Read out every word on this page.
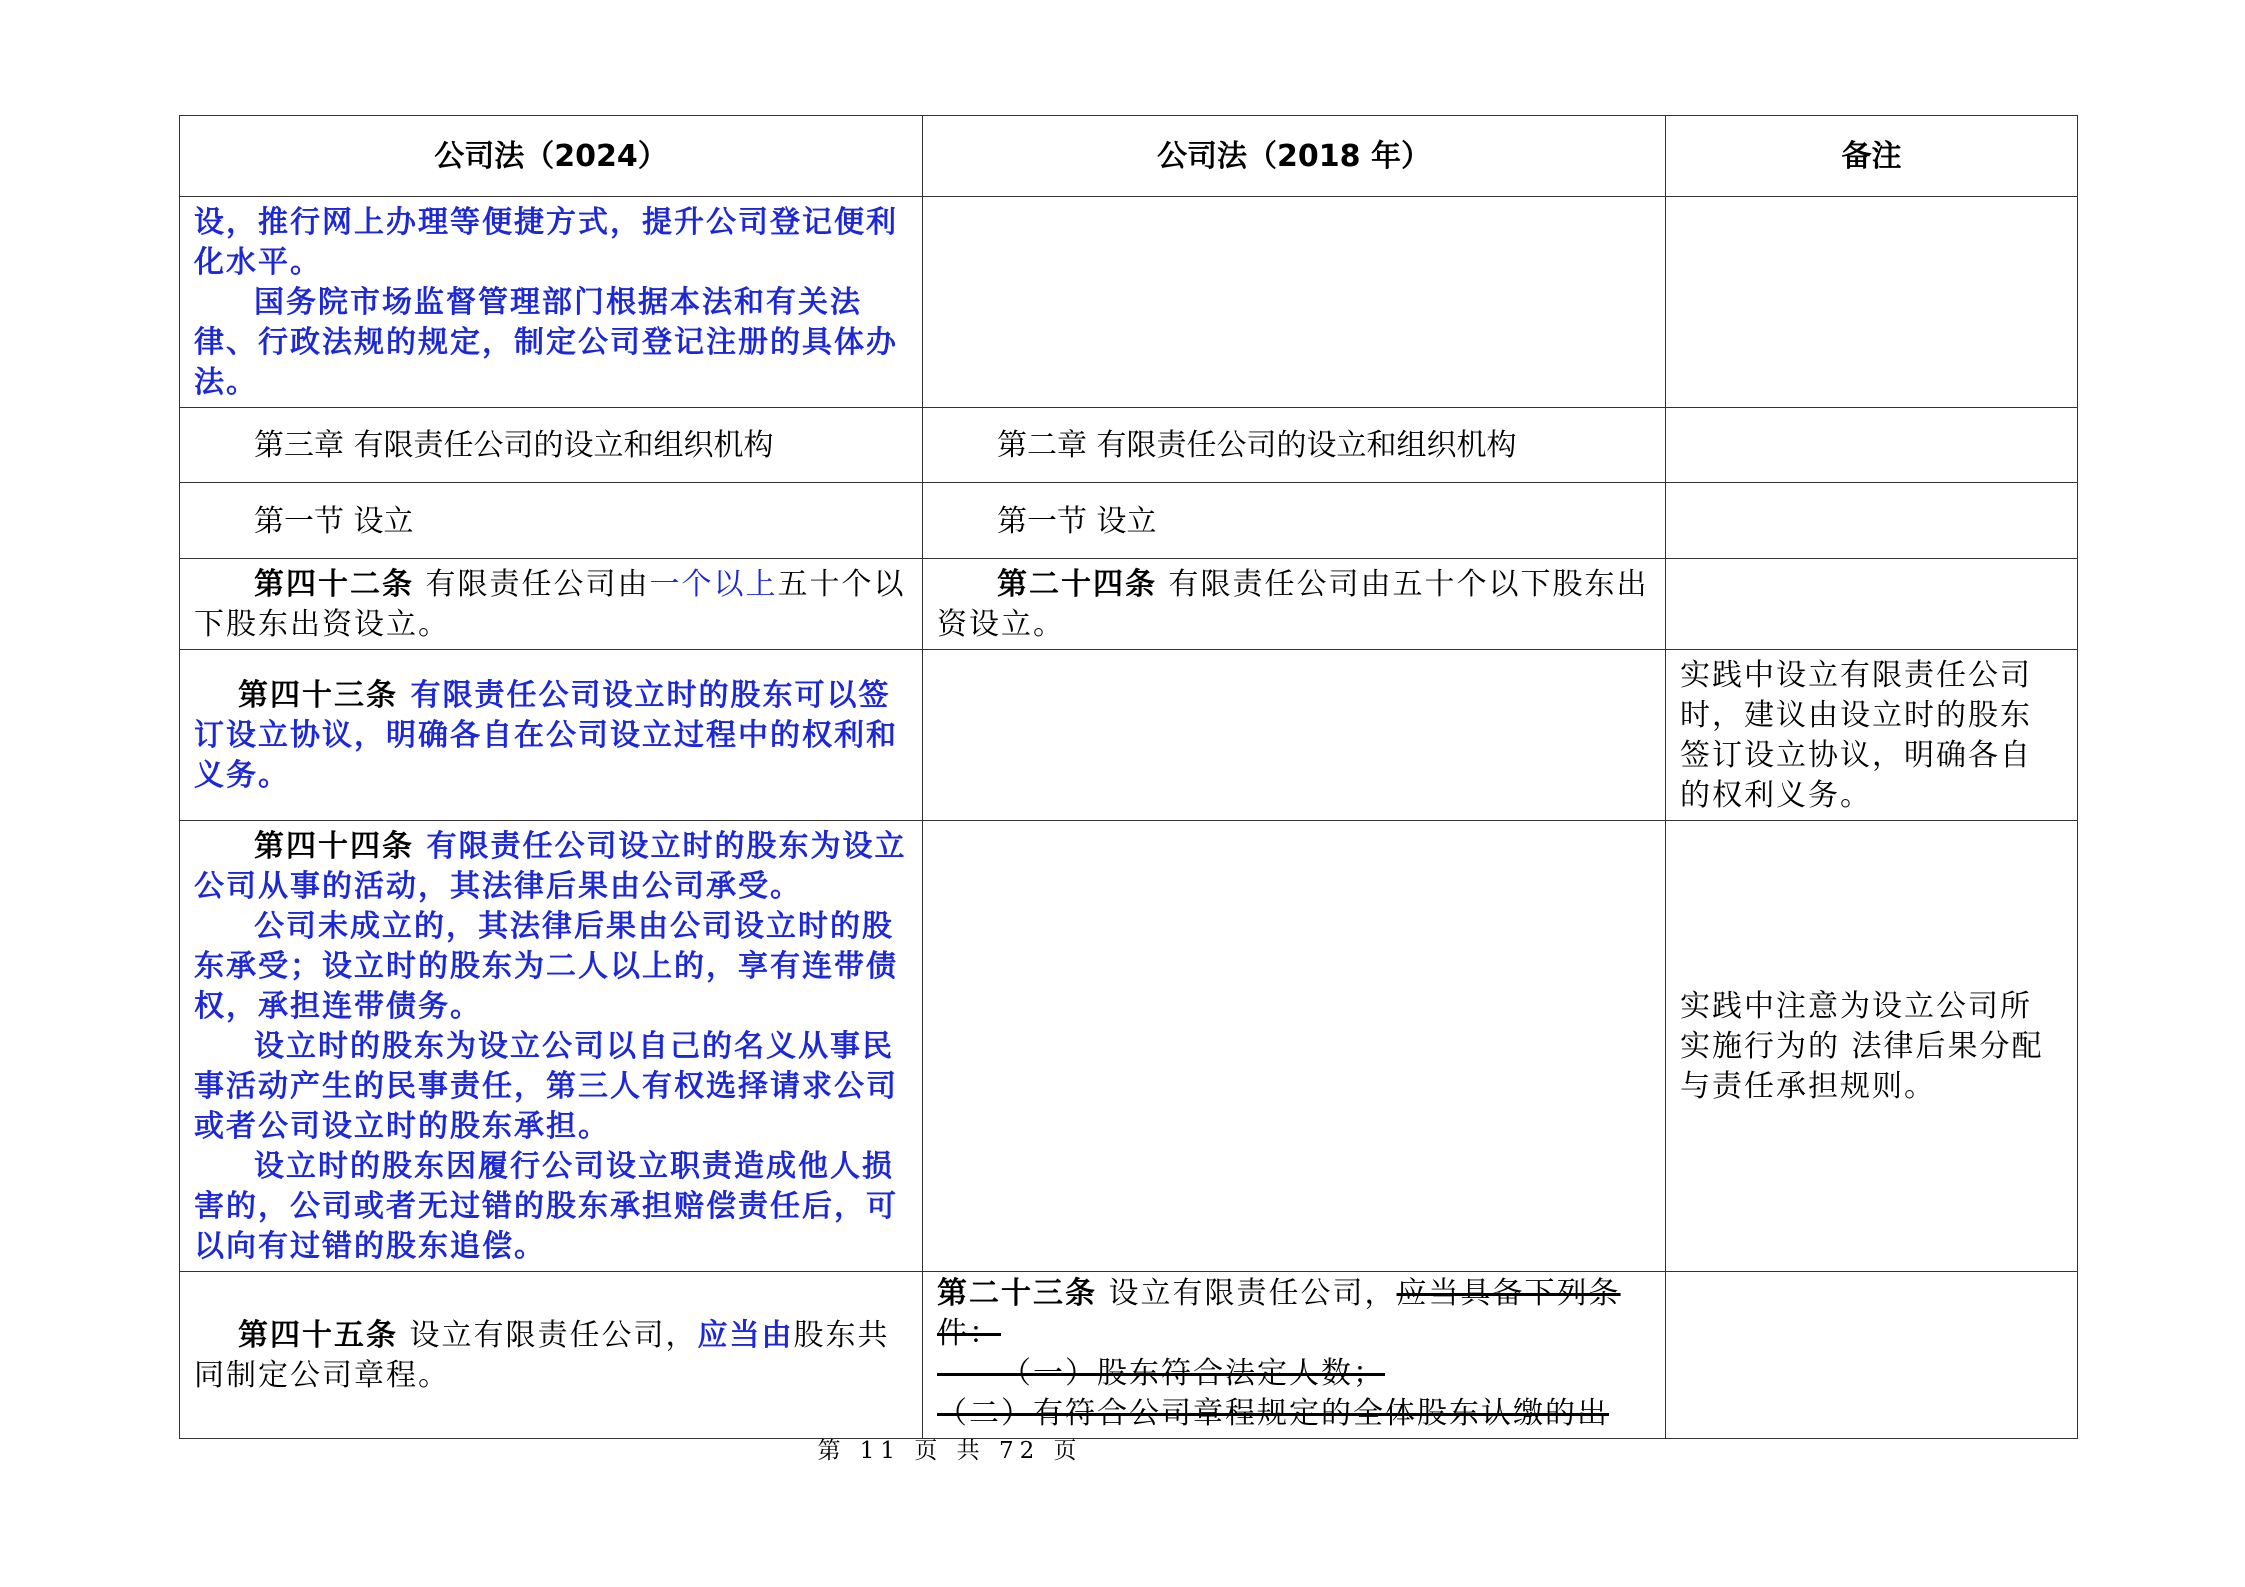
公司法（2024）	公司法（2018 年）	备注

设，推行网上办理等便捷方式，提升公司登记便利化水平。

国务院市场监督管理部门根据本法和有关法律、行政法规的规定，制定公司登记注册的具体办法。		

第三章 有限责任公司的设立和组织机构	第二章 有限责任公司的设立和组织机构	
第一节 设立	第一节 设立	
第四十二条 有限责任公司由一个以上五十个以下股东出资设立。	第二十四条 有限责任公司由五十个以下股东出资设立。	
第四十三条 有限责任公司设立时的股东可以签订设立协议，明确各自在公司设立过程中的权利和义务。		实践中设立有限责任公司时，建议由设立时的股东签订设立协议，明确各自的权利义务。

第四十四条 有限责任公司设立时的股东为设立公司从事的活动，其法律后果由公司承受。

公司未成立的，其法律后果由公司设立时的股东承受；设立时的股东为二人以上的，享有连带债权，承担连带债务。

设立时的股东为设立公司以自己的名义从事民事活动产生的民事责任，第三人有权选择请求公司或者公司设立时的股东承担。

设立时的股东因履行公司设立职责造成他人损害的，公司或者无过错的股东承担赔偿责任后，可以向有过错的股东追偿。		实践中注意为设立公司所实施行为的 法律后果分配与责任承担规则。
第四十五条 设立有限责任公司，应当由股东共同制定公司章程。	第二十三条 设立有限责任公司，应当具备下列条件：

——（一）股东符合法定人数；

（二）有符合公司章程规定的全体股东认缴的出	

第 11 页 共 72 页
